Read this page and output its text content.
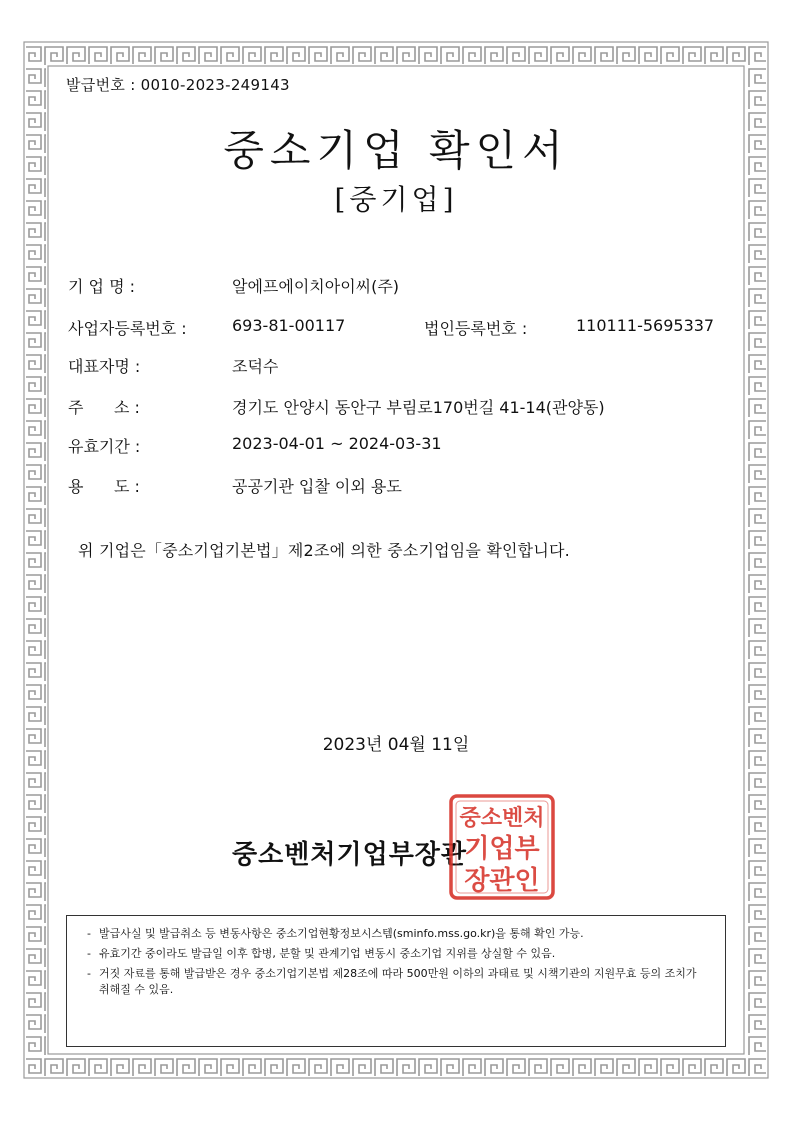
발급번호 : 0010-2023-249143
중소기업 확인서
[중기업]
기 업 명 :	알에프에이치아이씨(주)
사업자등록번호 :	693-81-00117	법인등록번호 :	110111-5695337
대표자명 :	조덕수
주      소 :	경기도 안양시 동안구 부림로170번길 41-14(관양동)
유효기간 :	2023-04-01 ~ 2024-03-31
용      도 :	공공기관 입찰 이외 용도
위 기업은「중소기업기본법」제2조에 의한 중소기업임을 확인합니다.
2023년 04월 11일
중소벤처기업부장관
중소벤처
기업부
장관인
- 발급사실 및 발급취소 등 변동사항은 중소기업현황정보시스템(sminfo.mss.go.kr)을 통해 확인 가능.
- 유효기간 중이라도 발급일 이후 합병, 분할 및 관계기업 변동시 중소기업 지위를 상실할 수 있음.
- 거짓 자료를 통해 발급받은 경우 중소기업기본법 제28조에 따라 500만원 이하의 과태료 및 시책기관의 지원무효 등의 조치가 취해질 수 있음.
